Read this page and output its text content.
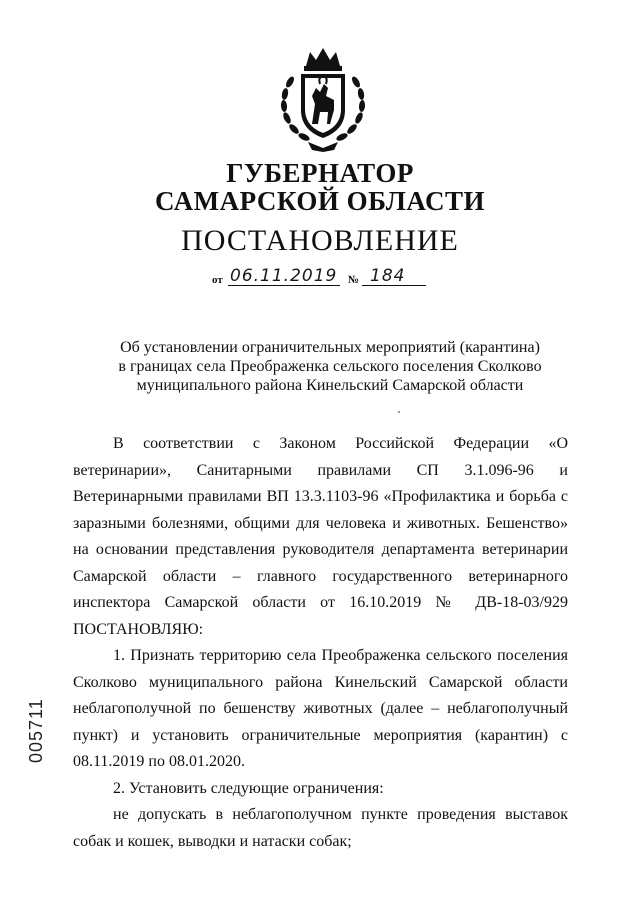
ГУБЕРНАТОР
САМАРСКОЙ ОБЛАСТИ
ПОСТАНОВЛЕНИЕ
от 06.11.2019 № 184
Об установлении ограничительных мероприятий (карантина)
в границах села Преображенка сельского поселения Сколково
муниципального района Кинельский Самарской области

В соответствии с Законом Российской Федерации «О ветеринарии», Санитарными правилами СП 3.1.096-96 и Ветеринарными правилами ВП 13.3.1103-96 «Профилактика и борьба с заразными болезнями, общими для человека и животных. Бешенство» на основании представления руководителя департамента ветеринарии Самарской области – главного государственного ветеринарного инспектора Самарской области от 16.10.2019 № ДВ-18-03/929 ПОСТАНОВЛЯЮ:

1. Признать территорию села Преображенка сельского поселения Сколково муниципального района Кинельский Самарской области неблагополучной по бешенству животных (далее – неблагополучный пункт) и установить ограничительные мероприятия (карантин) с 08.11.2019 по 08.01.2020.

2. Установить следующие ограничения:

не допускать в неблагополучном пункте проведения выставок собак и кошек, выводки и натаски собак;

005711
